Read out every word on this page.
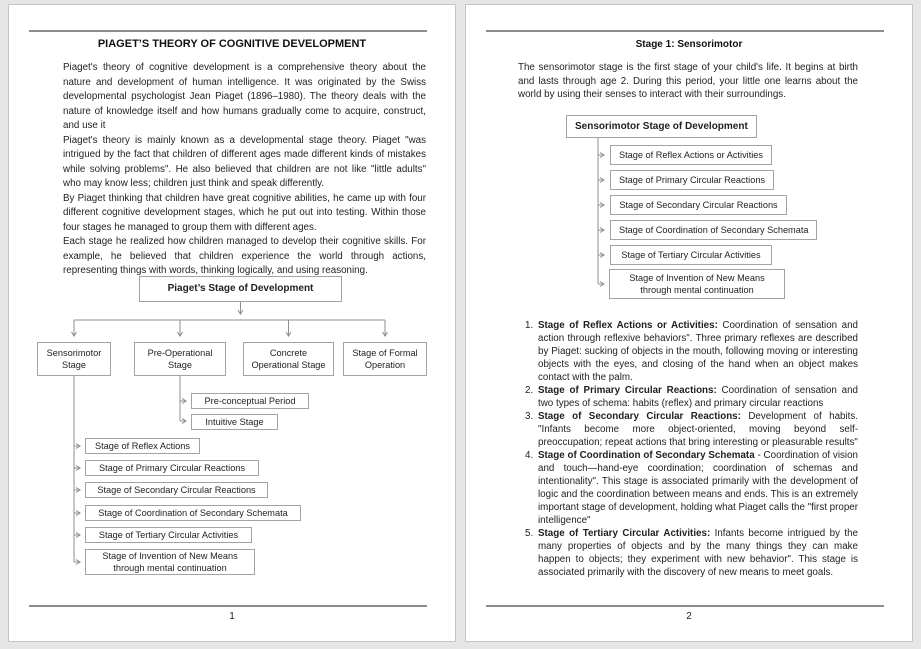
PIAGET’S THEORY OF COGNITIVE DEVELOPMENT

Piaget's theory of cognitive development is a comprehensive theory about the nature and development of human intelligence. It was originated by the Swiss developmental psychologist Jean Piaget (1896–1980). The theory deals with the nature of knowledge itself and how humans gradually come to acquire, construct, and use it

Piaget's theory is mainly known as a developmental stage theory. Piaget "was intrigued by the fact that children of different ages made different kinds of mistakes while solving problems". He also believed that children are not like "little adults" who may know less; children just think and speak differently.

By Piaget thinking that children have great cognitive abilities, he came up with four different cognitive development stages, which he put out into testing. Within those four stages he managed to group them with different ages.

Each stage he realized how children managed to develop their cognitive skills. For example, he believed that children experience the world through actions, representing things with words, thinking logically, and using reasoning.

Piaget’s Stage of Development
Sensorimotor Stage
Pre-Operational Stage
Concrete Operational Stage
Stage of Formal Operation
Pre-conceptual Period
Intuitive Stage
Stage of Reflex Actions
Stage of Primary Circular Reactions
Stage of Secondary Circular Reactions
Stage of Coordination of Secondary Schemata
Stage of Tertiary Circular Activities
Stage of Invention of New Means through mental continuation
1
Stage 1: Sensorimotor

The sensorimotor stage is the first stage of your child's life. It begins at birth and lasts through age 2. During this period, your little one learns about the world by using their senses to interact with their surroundings.

Sensorimotor Stage of Development
Stage of Reflex Actions or Activities
Stage of Primary Circular Reactions
Stage of Secondary Circular Reactions
Stage of Coordination of Secondary Schemata
Stage of Tertiary Circular Activities
Stage of Invention of New Means through mental continuation
1. Stage of Reflex Actions or Activities: Coordination of sensation and action through reflexive behaviors". Three primary reflexes are described by Piaget: sucking of objects in the mouth, following moving or interesting objects with the eyes, and closing of the hand when an object makes contact with the palm.
2. Stage of Primary Circular Reactions: Coordination of sensation and two types of schema: habits (reflex) and primary circular reactions
3. Stage of Secondary Circular Reactions: Development of habits. "Infants become more object-oriented, moving beyond self-preoccupation; repeat actions that bring interesting or pleasurable results"
4. Stage of Coordination of Secondary Schemata - Coordination of vision and touch—hand-eye coordination; coordination of schemas and intentionality". This stage is associated primarily with the development of logic and the coordination between means and ends. This is an extremely important stage of development, holding what Piaget calls the "first proper intelligence"
5. Stage of Tertiary Circular Activities: Infants become intrigued by the many properties of objects and by the many things they can make happen to objects; they experiment with new behavior". This stage is associated primarily with the discovery of new means to meet goals.
2
